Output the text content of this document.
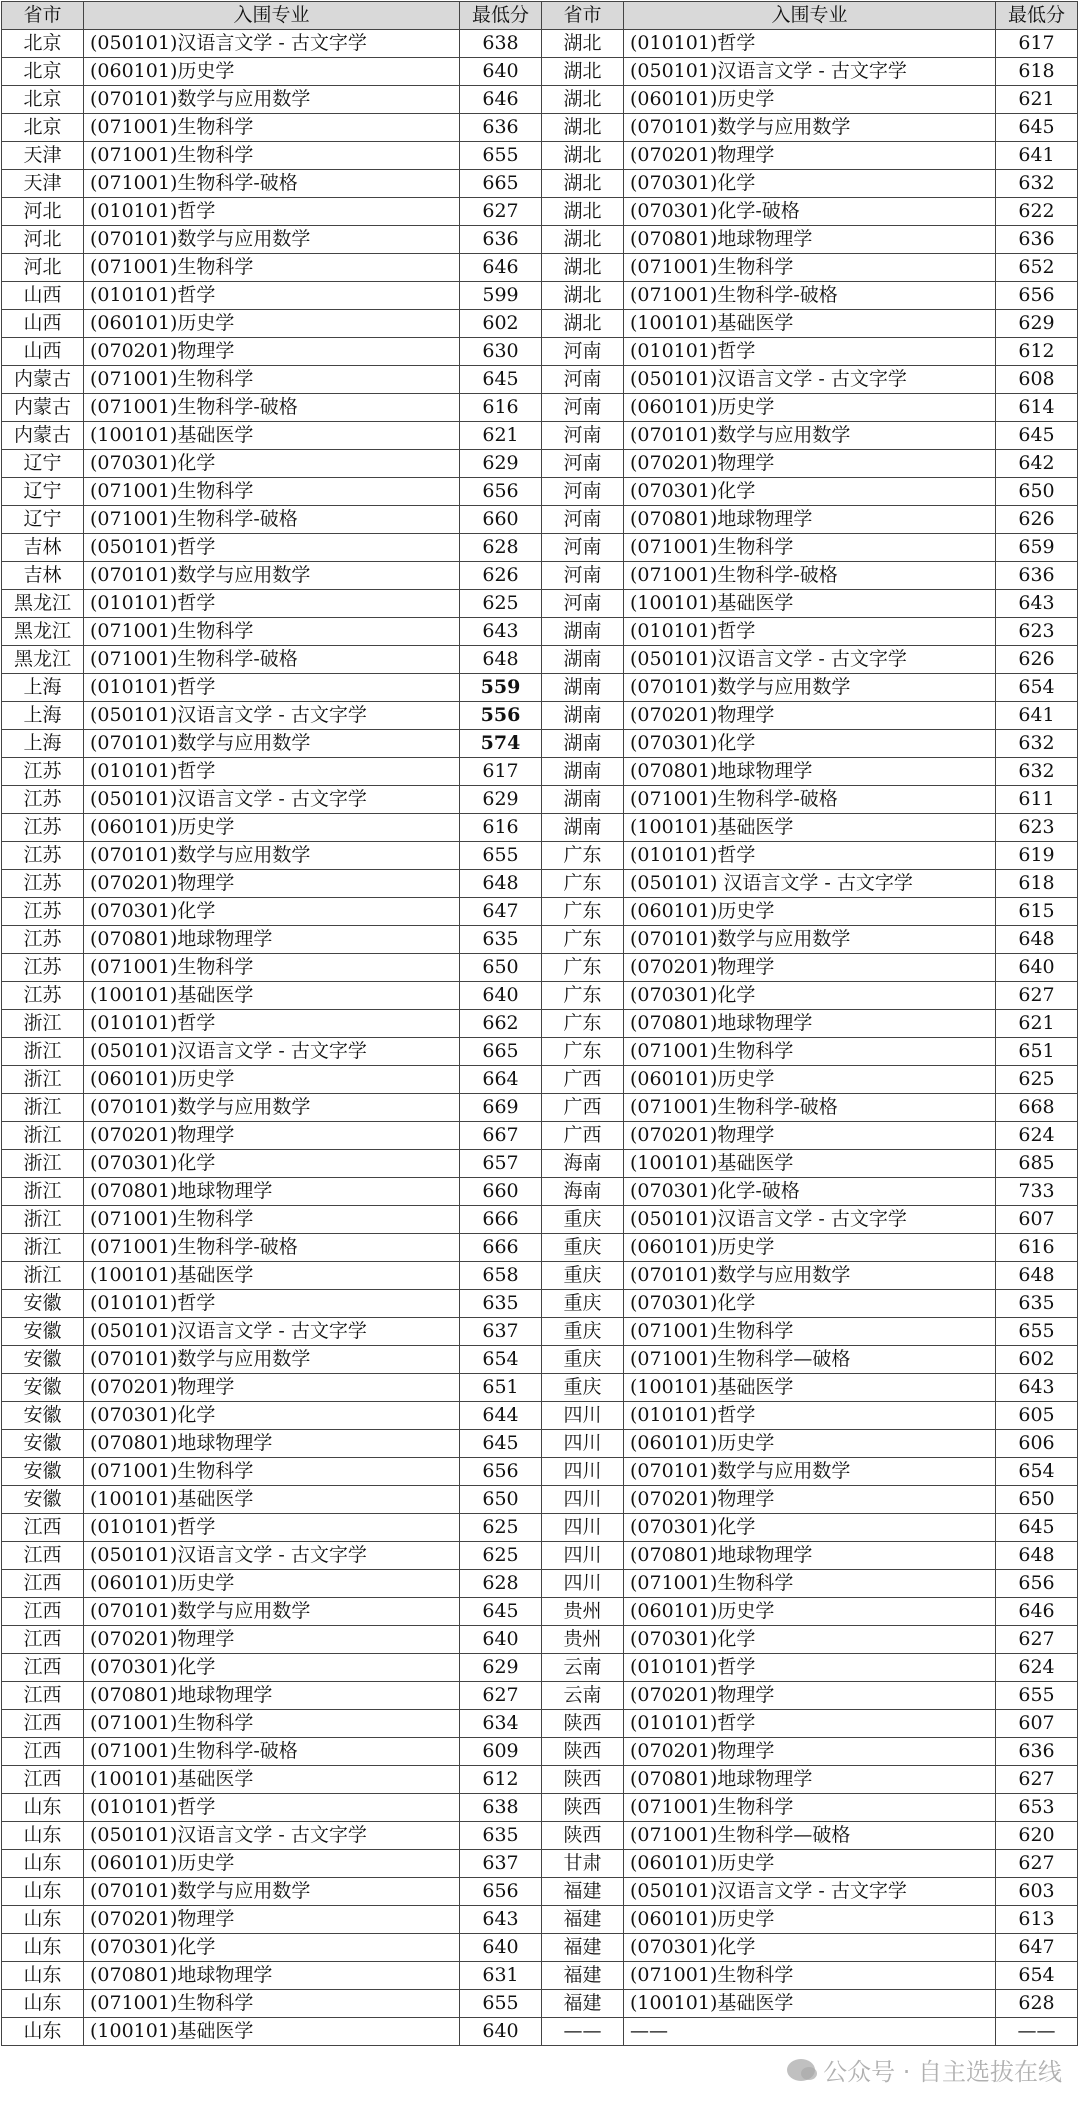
省市	入围专业	最低分	省市	入围专业	最低分
北京	(050101)汉语言文学 - 古文字学	638	湖北	(010101)哲学	617
北京	(060101)历史学	640	湖北	(050101)汉语言文学 - 古文字学	618
北京	(070101)数学与应用数学	646	湖北	(060101)历史学	621
北京	(071001)生物科学	636	湖北	(070101)数学与应用数学	645
天津	(071001)生物科学	655	湖北	(070201)物理学	641
天津	(071001)生物科学-破格	665	湖北	(070301)化学	632
河北	(010101)哲学	627	湖北	(070301)化学-破格	622
河北	(070101)数学与应用数学	636	湖北	(070801)地球物理学	636
河北	(071001)生物科学	646	湖北	(071001)生物科学	652
山西	(010101)哲学	599	湖北	(071001)生物科学-破格	656
山西	(060101)历史学	602	湖北	(100101)基础医学	629
山西	(070201)物理学	630	河南	(010101)哲学	612
内蒙古	(071001)生物科学	645	河南	(050101)汉语言文学 - 古文字学	608
内蒙古	(071001)生物科学-破格	616	河南	(060101)历史学	614
内蒙古	(100101)基础医学	621	河南	(070101)数学与应用数学	645
辽宁	(070301)化学	629	河南	(070201)物理学	642
辽宁	(071001)生物科学	656	河南	(070301)化学	650
辽宁	(071001)生物科学-破格	660	河南	(070801)地球物理学	626
吉林	(050101)哲学	628	河南	(071001)生物科学	659
吉林	(070101)数学与应用数学	626	河南	(071001)生物科学-破格	636
黑龙江	(010101)哲学	625	河南	(100101)基础医学	643
黑龙江	(071001)生物科学	643	湖南	(010101)哲学	623
黑龙江	(071001)生物科学-破格	648	湖南	(050101)汉语言文学 - 古文字学	626
上海	(010101)哲学	559	湖南	(070101)数学与应用数学	654
上海	(050101)汉语言文学 - 古文字学	556	湖南	(070201)物理学	641
上海	(070101)数学与应用数学	574	湖南	(070301)化学	632
江苏	(010101)哲学	617	湖南	(070801)地球物理学	632
江苏	(050101)汉语言文学 - 古文字学	629	湖南	(071001)生物科学-破格	611
江苏	(060101)历史学	616	湖南	(100101)基础医学	623
江苏	(070101)数学与应用数学	655	广东	(010101)哲学	619
江苏	(070201)物理学	648	广东	(050101) 汉语言文学 - 古文字学	618
江苏	(070301)化学	647	广东	(060101)历史学	615
江苏	(070801)地球物理学	635	广东	(070101)数学与应用数学	648
江苏	(071001)生物科学	650	广东	(070201)物理学	640
江苏	(100101)基础医学	640	广东	(070301)化学	627
浙江	(010101)哲学	662	广东	(070801)地球物理学	621
浙江	(050101)汉语言文学 - 古文字学	665	广东	(071001)生物科学	651
浙江	(060101)历史学	664	广西	(060101)历史学	625
浙江	(070101)数学与应用数学	669	广西	(071001)生物科学-破格	668
浙江	(070201)物理学	667	广西	(070201)物理学	624
浙江	(070301)化学	657	海南	(100101)基础医学	685
浙江	(070801)地球物理学	660	海南	(070301)化学-破格	733
浙江	(071001)生物科学	666	重庆	(050101)汉语言文学 - 古文字学	607
浙江	(071001)生物科学-破格	666	重庆	(060101)历史学	616
浙江	(100101)基础医学	658	重庆	(070101)数学与应用数学	648
安徽	(010101)哲学	635	重庆	(070301)化学	635
安徽	(050101)汉语言文学 - 古文字学	637	重庆	(071001)生物科学	655
安徽	(070101)数学与应用数学	654	重庆	(071001)生物科学—破格	602
安徽	(070201)物理学	651	重庆	(100101)基础医学	643
安徽	(070301)化学	644	四川	(010101)哲学	605
安徽	(070801)地球物理学	645	四川	(060101)历史学	606
安徽	(071001)生物科学	656	四川	(070101)数学与应用数学	654
安徽	(100101)基础医学	650	四川	(070201)物理学	650
江西	(010101)哲学	625	四川	(070301)化学	645
江西	(050101)汉语言文学 - 古文字学	625	四川	(070801)地球物理学	648
江西	(060101)历史学	628	四川	(071001)生物科学	656
江西	(070101)数学与应用数学	645	贵州	(060101)历史学	646
江西	(070201)物理学	640	贵州	(070301)化学	627
江西	(070301)化学	629	云南	(010101)哲学	624
江西	(070801)地球物理学	627	云南	(070201)物理学	655
江西	(071001)生物科学	634	陕西	(010101)哲学	607
江西	(071001)生物科学-破格	609	陕西	(070201)物理学	636
江西	(100101)基础医学	612	陕西	(070801)地球物理学	627
山东	(010101)哲学	638	陕西	(071001)生物科学	653
山东	(050101)汉语言文学 - 古文字学	635	陕西	(071001)生物科学—破格	620
山东	(060101)历史学	637	甘肃	(060101)历史学	627
山东	(070101)数学与应用数学	656	福建	(050101)汉语言文学 - 古文字学	603
山东	(070201)物理学	643	福建	(060101)历史学	613
山东	(070301)化学	640	福建	(070301)化学	647
山东	(070801)地球物理学	631	福建	(071001)生物科学	654
山东	(071001)生物科学	655	福建	(100101)基础医学	628
山东	(100101)基础医学	640	——	——	——
公众号 · 自主选拔在线
